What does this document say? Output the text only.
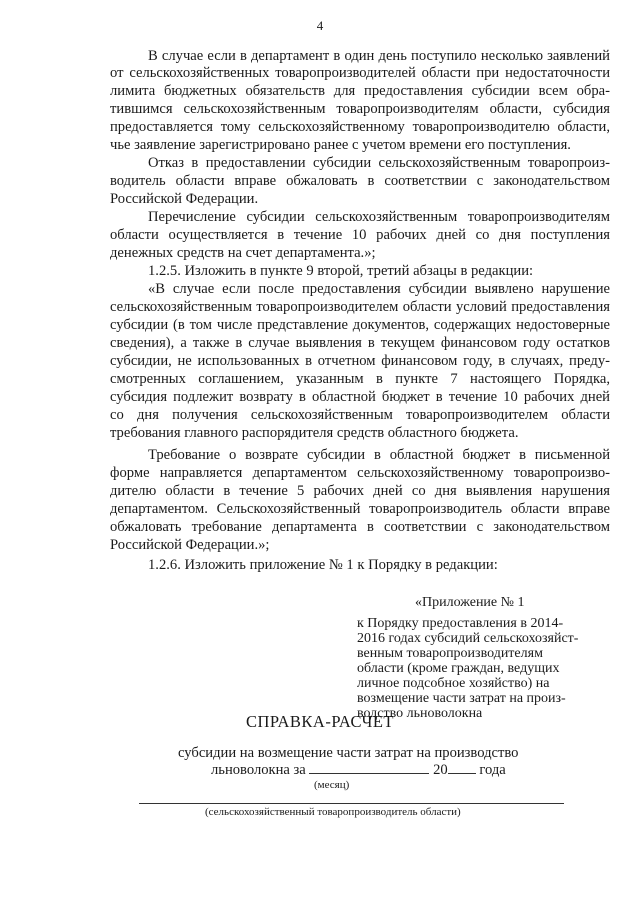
4
В случае если в департамент в один день поступило несколько заявлений
от сельскохозяйственных товаропроизводителей области при недостаточности
лимита бюджетных обязательств для предоставления субсидии всем обра-
тившимся сельскохозяйственным товаропроизводителям области, субсидия
предоставляется тому сельскохозяйственному товаропроизводителю области,
чье заявление зарегистрировано ранее с учетом времени его поступления.
Отказ в предоставлении субсидии сельскохозяйственным товаропроиз-
водитель области вправе обжаловать в соответствии с законодательством
Российской Федерации.
Перечисление субсидии сельскохозяйственным товаропроизводителям
области осуществляется в течение 10 рабочих дней со дня поступления
денежных средств на счет департамента.»;
1.2.5. Изложить в пункте 9 второй, третий абзацы в редакции:
«В случае если после предоставления субсидии выявлено нарушение
сельскохозяйственным товаропроизводителем области условий предоставления
субсидии (в том числе представление документов, содержащих недостоверные
сведения), а также в случае выявления в текущем финансовом году остатков
субсидии, не использованных в отчетном финансовом году, в случаях, преду-
смотренных соглашением, указанным в пункте 7 настоящего Порядка,
субсидия подлежит возврату в областной бюджет в течение 10 рабочих дней
со дня получения сельскохозяйственным товаропроизводителем области
требования главного распорядителя средств областного бюджета.
Требование о возврате субсидии в областной бюджет в письменной
форме направляется департаментом сельскохозяйственному товаропроизво-
дителю области в течение 5 рабочих дней со дня выявления нарушения
департаментом. Сельскохозяйственный товаропроизводитель области вправе
обжаловать требование департамента в соответствии с законодательством
Российской Федерации.»;
1.2.6. Изложить приложение № 1 к Порядку в редакции:
«Приложение № 1
к Порядку предоставления в 2014-
2016 годах субсидий сельскохозяйст-
венным товаропроизводителям
области (кроме граждан, ведущих
личное подсобное хозяйство) на
возмещение части затрат на произ-
водство льноволокна
СПРАВКА-РАСЧЕТ
субсидии на возмещение части затрат на производство
льноволокна за	20 года
(месяц)
(сельскохозяйственный товаропроизводитель области)
